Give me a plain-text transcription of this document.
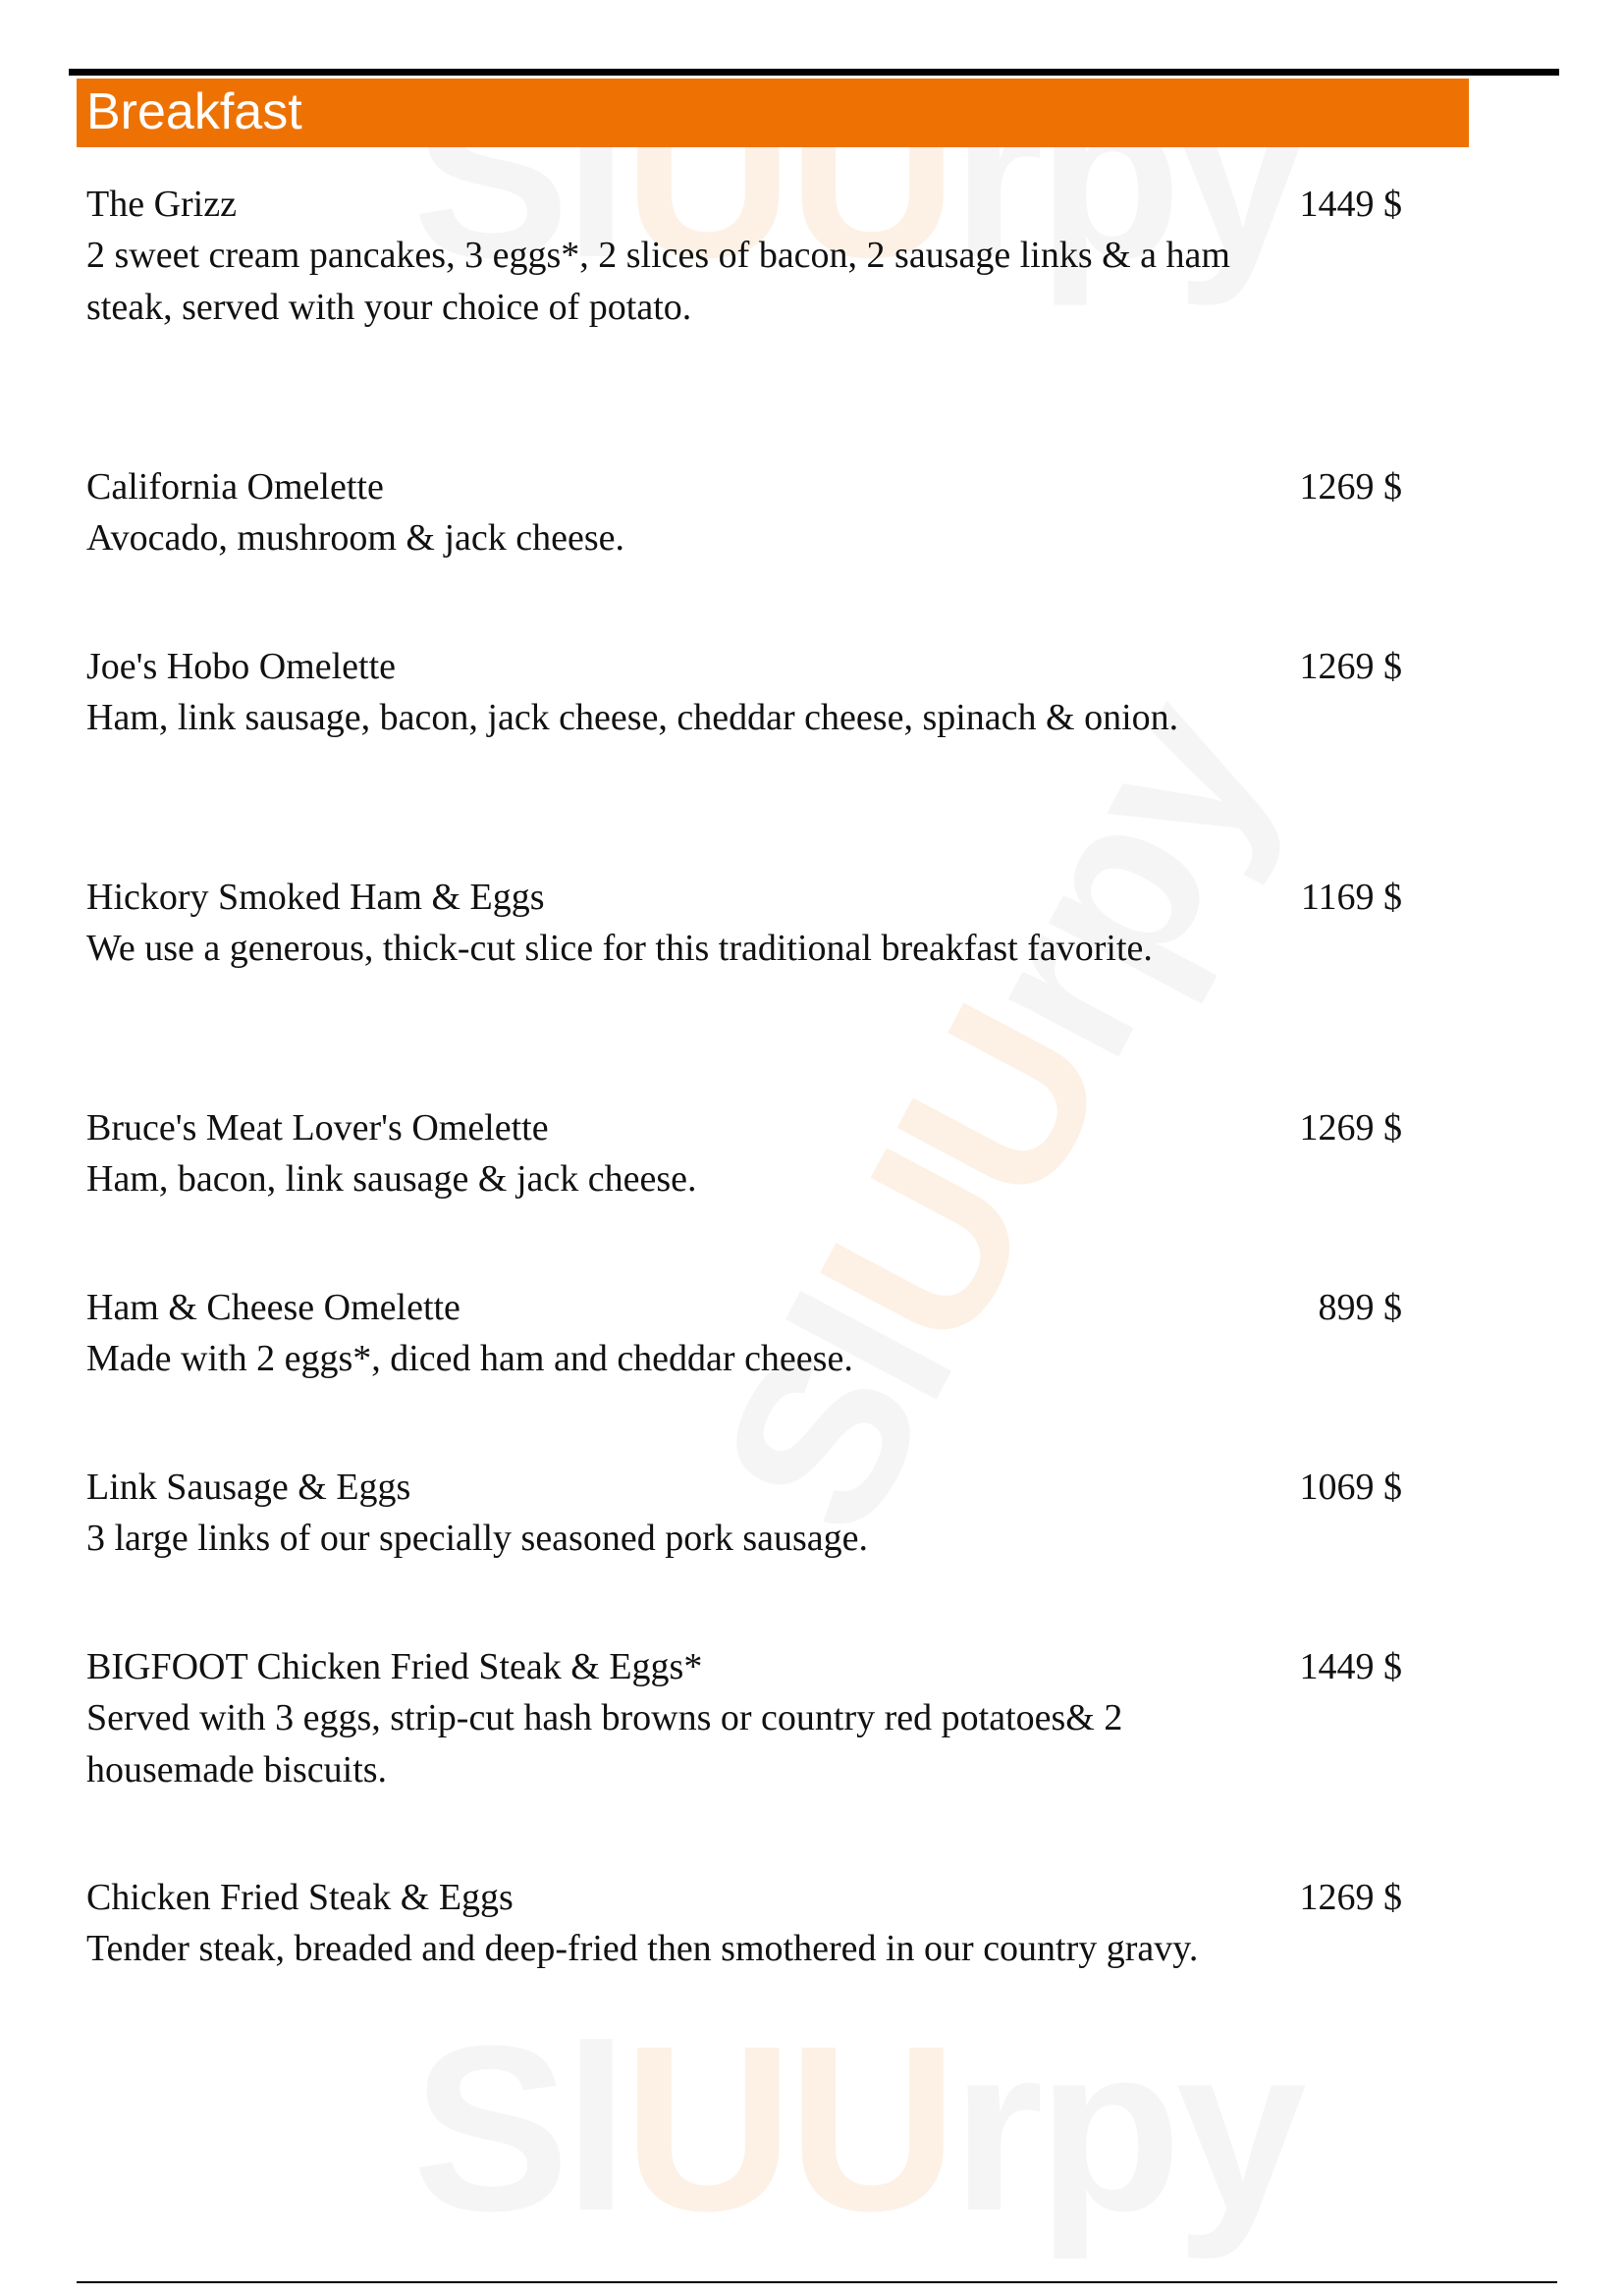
SlUUrpy
SlUUrpy
SlUUrpy
Breakfast
The Grizz
2 sweet cream pancakes, 3 eggs*, 2 slices of bacon, 2 sausage links & a ham steak, served with your choice of potato.
1449 $
California Omelette
Avocado, mushroom & jack cheese.
1269 $
Joe's Hobo Omelette
Ham, link sausage, bacon, jack cheese, cheddar cheese, spinach & onion.
1269 $
Hickory Smoked Ham & Eggs
We use a generous, thick-cut slice for this traditional breakfast favorite.
1169 $
Bruce's Meat Lover's Omelette
Ham, bacon, link sausage & jack cheese.
1269 $
Ham & Cheese Omelette
Made with 2 eggs*, diced ham and cheddar cheese.
899 $
Link Sausage & Eggs
3 large links of our specially seasoned pork sausage.
1069 $
BIGFOOT Chicken Fried Steak & Eggs*
Served with 3 eggs, strip-cut hash browns or country red potatoes& 2 housemade biscuits.
1449 $
Chicken Fried Steak & Eggs
Tender steak, breaded and deep-fried then smothered in our country gravy.
1269 $
